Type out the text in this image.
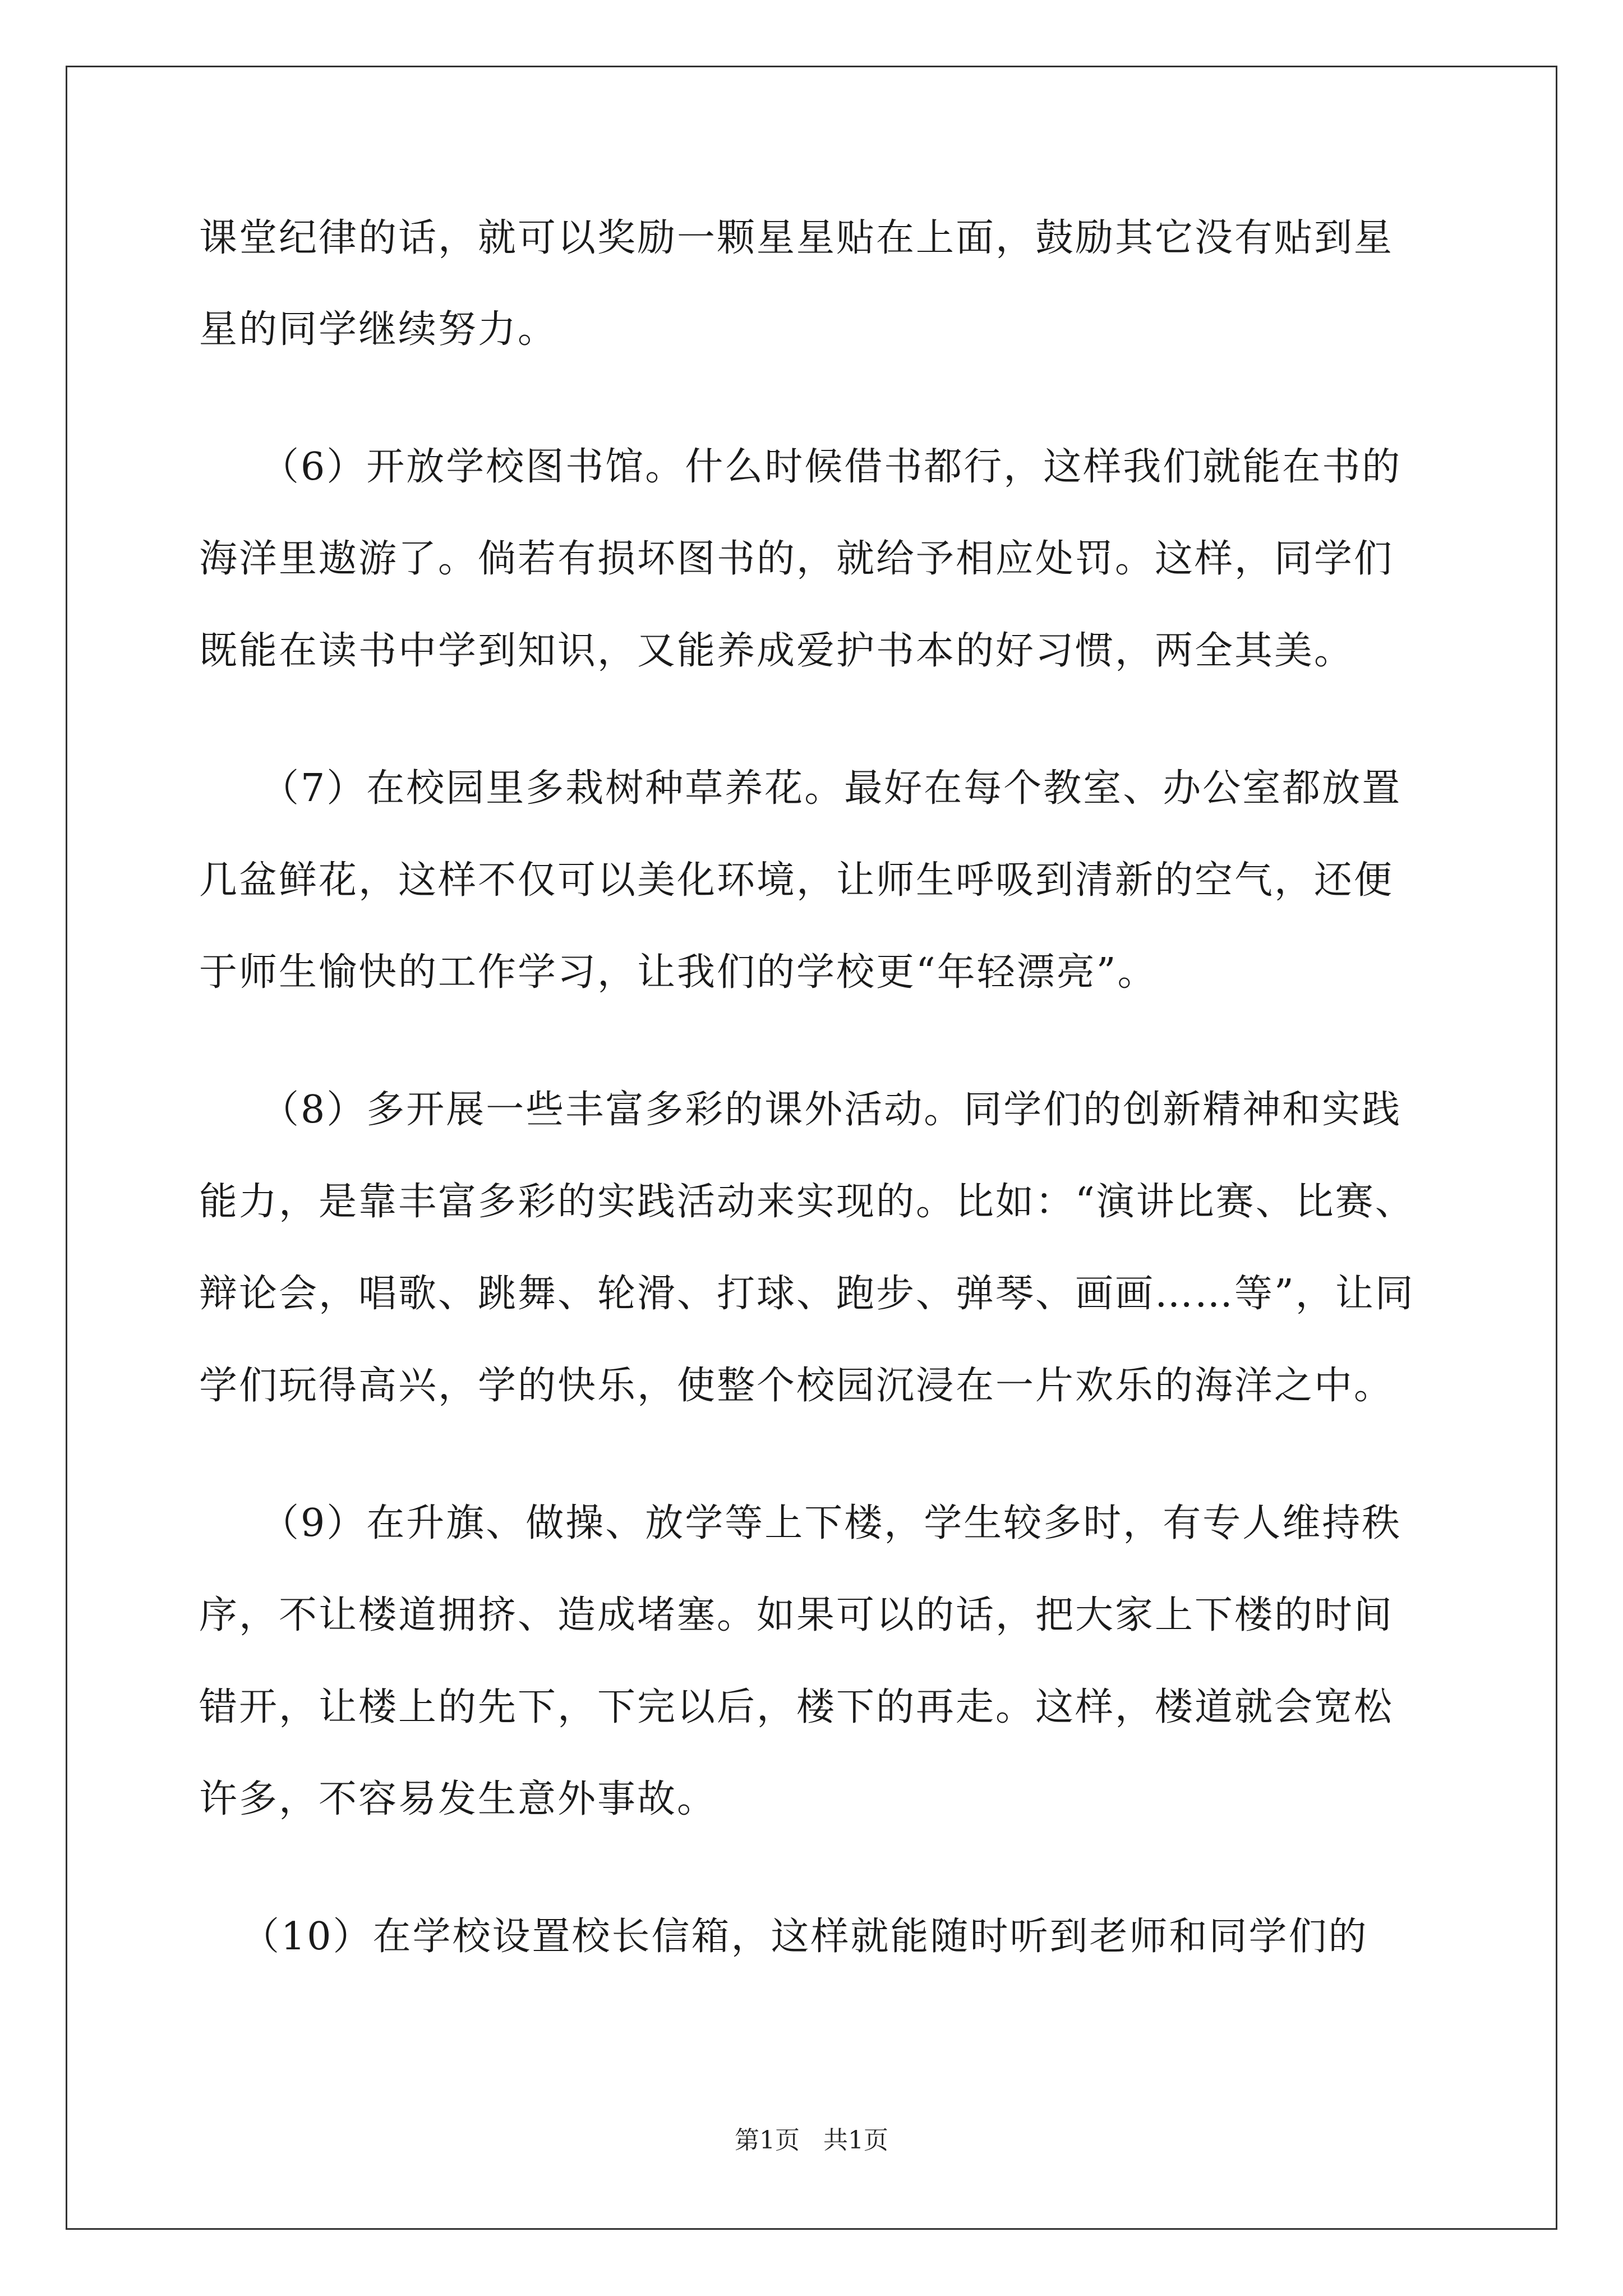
课堂纪律的话，就可以奖励一颗星星贴在上面，鼓励其它没有贴到星
星的同学继续努力。
（6）开放学校图书馆。什么时候借书都行，这样我们就能在书的
海洋里遨游了。倘若有损坏图书的，就给予相应处罚。这样，同学们
既能在读书中学到知识，又能养成爱护书本的好习惯，两全其美。
（7）在校园里多栽树种草养花。最好在每个教室、办公室都放置
几盆鲜花，这样不仅可以美化环境，让师生呼吸到清新的空气，还便
于师生愉快的工作学习，让我们的学校更“年轻漂亮”。
（8）多开展一些丰富多彩的课外活动。同学们的创新精神和实践
能力，是靠丰富多彩的实践活动来实现的。比如：“演讲比赛、比赛、
辩论会，唱歌、跳舞、轮滑、打球、跑步、弹琴、画画……等”，让同
学们玩得高兴，学的快乐，使整个校园沉浸在一片欢乐的海洋之中。
（9）在升旗、做操、放学等上下楼，学生较多时，有专人维持秩
序，不让楼道拥挤、造成堵塞。如果可以的话，把大家上下楼的时间
错开，让楼上的先下，下完以后，楼下的再走。这样，楼道就会宽松
许多，不容易发生意外事故。
（10）在学校设置校长信箱，这样就能随时听到老师和同学们的
第1页   共1页
